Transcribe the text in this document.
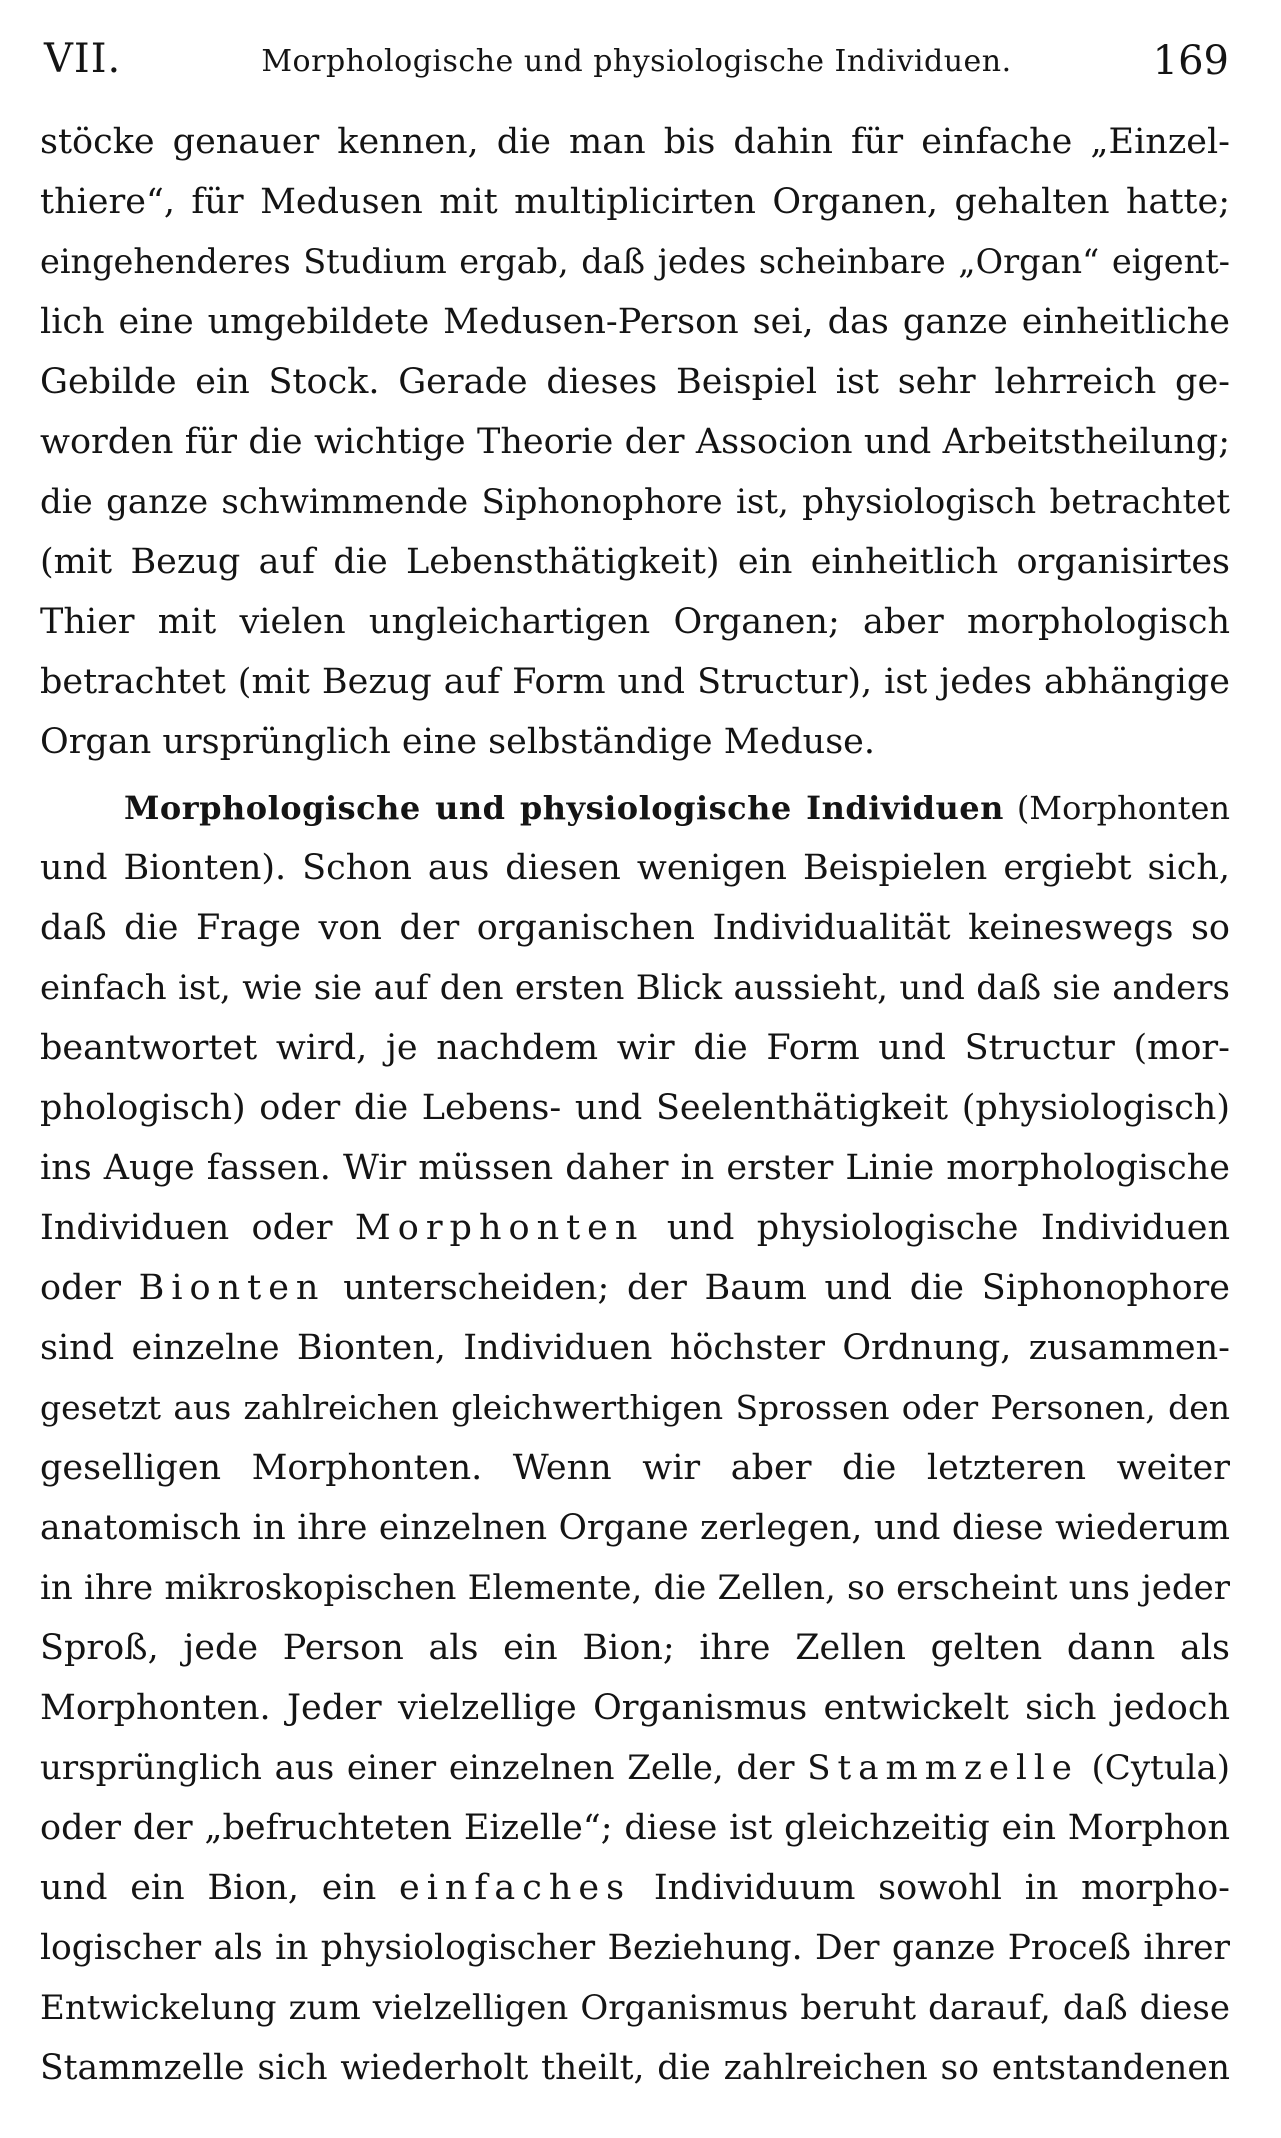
VII.	Morphologische und physiologische Individuen.	169
stöcke genauer kennen, die man bis dahin für einfache „Einzel-
thiere“, für Medusen mit multiplicirten Organen, gehalten hatte;
eingehenderes Studium ergab, daß jedes scheinbare „Organ“ eigent-
lich eine umgebildete Medusen-Person sei, das ganze einheitliche
Gebilde ein Stock. Gerade dieses Beispiel ist sehr lehrreich ge-
worden für die wichtige Theorie der Associon und Arbeitstheilung;
die ganze schwimmende Siphonophore ist, physiologisch betrachtet
(mit Bezug auf die Lebensthätigkeit) ein einheitlich organisirtes
Thier mit vielen ungleichartigen Organen; aber morphologisch
betrachtet (mit Bezug auf Form und Structur), ist jedes abhängige
Organ ursprünglich eine selbständige Meduse.
Morphologische und physiologische Individuen (Morphonten
und Bionten). Schon aus diesen wenigen Beispielen ergiebt sich,
daß die Frage von der organischen Individualität keineswegs so
einfach ist, wie sie auf den ersten Blick aussieht, und daß sie anders
beantwortet wird, je nachdem wir die Form und Structur (mor-
phologisch) oder die Lebens- und Seelenthätigkeit (physiologisch)
ins Auge fassen. Wir müssen daher in erster Linie morphologische
Individuen oder Morphonten und physiologische Individuen
oder Bionten unterscheiden; der Baum und die Siphonophore
sind einzelne Bionten, Individuen höchster Ordnung, zusammen-
gesetzt aus zahlreichen gleichwerthigen Sprossen oder Personen, den
geselligen Morphonten. Wenn wir aber die letzteren weiter
anatomisch in ihre einzelnen Organe zerlegen, und diese wiederum
in ihre mikroskopischen Elemente, die Zellen, so erscheint uns jeder
Sproß, jede Person als ein Bion; ihre Zellen gelten dann als
Morphonten. Jeder vielzellige Organismus entwickelt sich jedoch
ursprünglich aus einer einzelnen Zelle, der Stammzelle (Cytula)
oder der „befruchteten Eizelle“; diese ist gleichzeitig ein Morphon
und ein Bion, ein einfaches Individuum sowohl in morpho-
logischer als in physiologischer Beziehung. Der ganze Proceß ihrer
Entwickelung zum vielzelligen Organismus beruht darauf, daß diese
Stammzelle sich wiederholt theilt, die zahlreichen so entstandenen
